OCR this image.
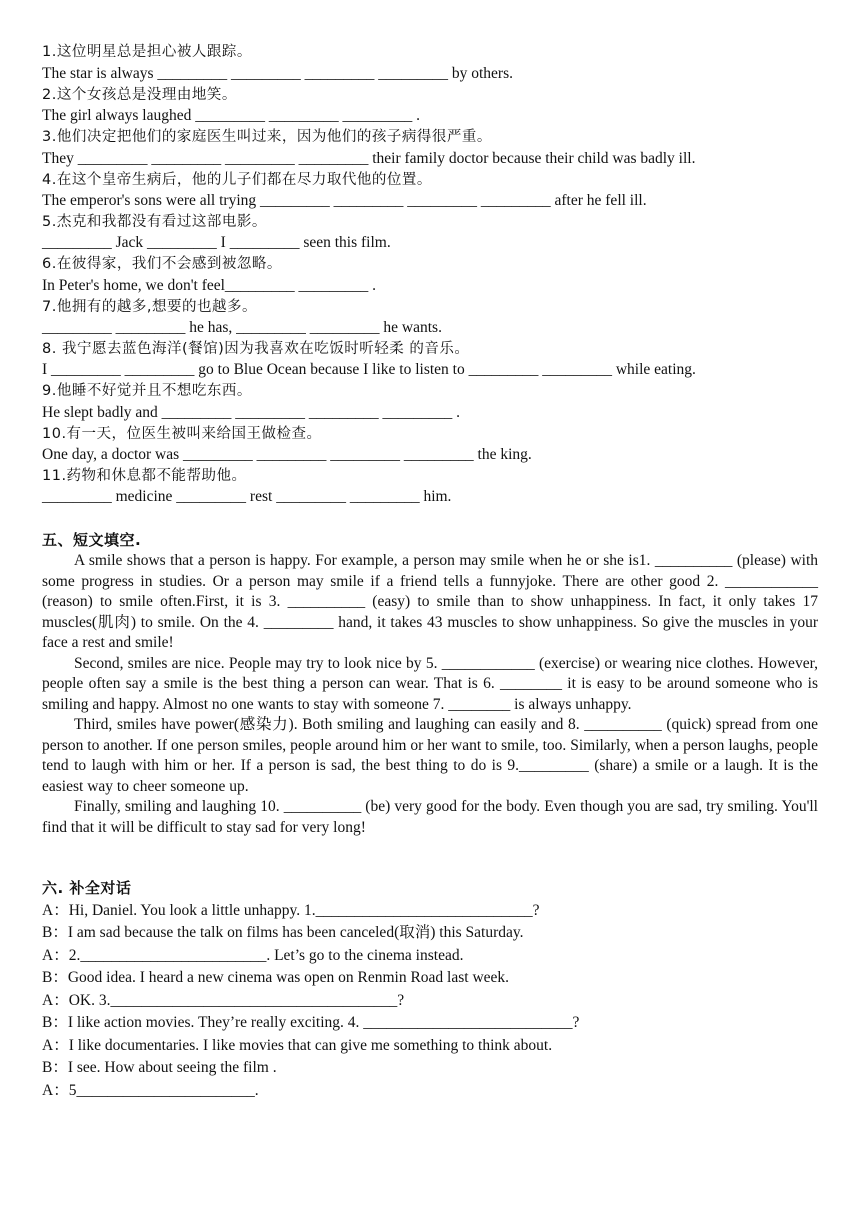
1.这位明星总是担心被人跟踪。
The star is always _________ _________ _________ _________ by others.
2.这个女孩总是没理由地笑。
The girl always laughed _________ _________ _________ .
3.他们决定把他们的家庭医生叫过来，因为他们的孩子病得很严重。
They _________ _________ _________ _________ their family doctor because their child was badly ill.
4.在这个皇帝生病后，他的儿子们都在尽力取代他的位置。
The emperor's sons were all trying _________ _________ _________ _________ after he fell ill.
5.杰克和我都没有看过这部电影。
_________ Jack _________ I _________ seen this film.
6.在彼得家，我们不会感到被忽略。
In Peter's home, we don't feel_________ _________ .
7.他拥有的越多,想要的也越多。
_________ _________ he has, _________ _________ he wants.
8. 我宁愿去蓝色海洋(餐馆)因为我喜欢在吃饭时听轻柔 的音乐。
I _________ _________ go to Blue Ocean because I like to listen to _________ _________ while eating.
9.他睡不好觉并且不想吃东西。
He slept badly and _________ _________ _________ _________ .
10.有一天，位医生被叫来给国王做检查。
One day, a doctor was _________ _________ _________ _________ the king.
11.药物和休息都不能帮助他。
_________ medicine _________ rest _________ _________ him.
五、短文填空.

A smile shows that a person is happy. For example, a person may smile when he or she is1. __________ (please) with some progress in studies. Or a person may smile if a friend tells a funnyjoke. There are other good 2. ____________ (reason) to smile often.First, it is 3. __________ (easy) to smile than to show unhappiness. In fact, it only takes 17 muscles(肌肉) to smile. On the 4. _________ hand, it takes 43 muscles to show unhappiness. So give the muscles in your face a rest and smile!

Second, smiles are nice. People may try to look nice by 5. ____________ (exercise) or wearing nice clothes. However, people often say a smile is the best thing a person can wear. That is 6. ________ it is easy to be around someone who is smiling and happy. Almost no one wants to stay with someone 7. ________ is always unhappy.

Third, smiles have power(感染力). Both smiling and laughing can easily and 8. __________ (quick) spread from one person to another. If one person smiles, people around him or her want to smile, too. Similarly, when a person laughs, people tend to laugh with him or her. If a person is sad, the best thing to do is 9._________ (share) a smile or a laugh. It is the easiest way to cheer someone up.

Finally, smiling and laughing 10. __________ (be) very good for the body. Even though you are sad, try smiling. You'll find that it will be difficult to stay sad for very long!

六. 补全对话
A：Hi, Daniel. You look a little unhappy. 1.____________________________?
B：I am sad because the talk on films has been canceled(取消) this Saturday.
A：2.________________________. Let’s go to the cinema instead.
B：Good idea. I heard a new cinema was open on Renmin Road last week.
A：OK. 3._____________________________________?
B：I like action movies. They’re really exciting. 4. ___________________________?
A：I like documentaries. I like movies that can give me something to think about.
B：I see. How about seeing the film .
A：5_______________________.
